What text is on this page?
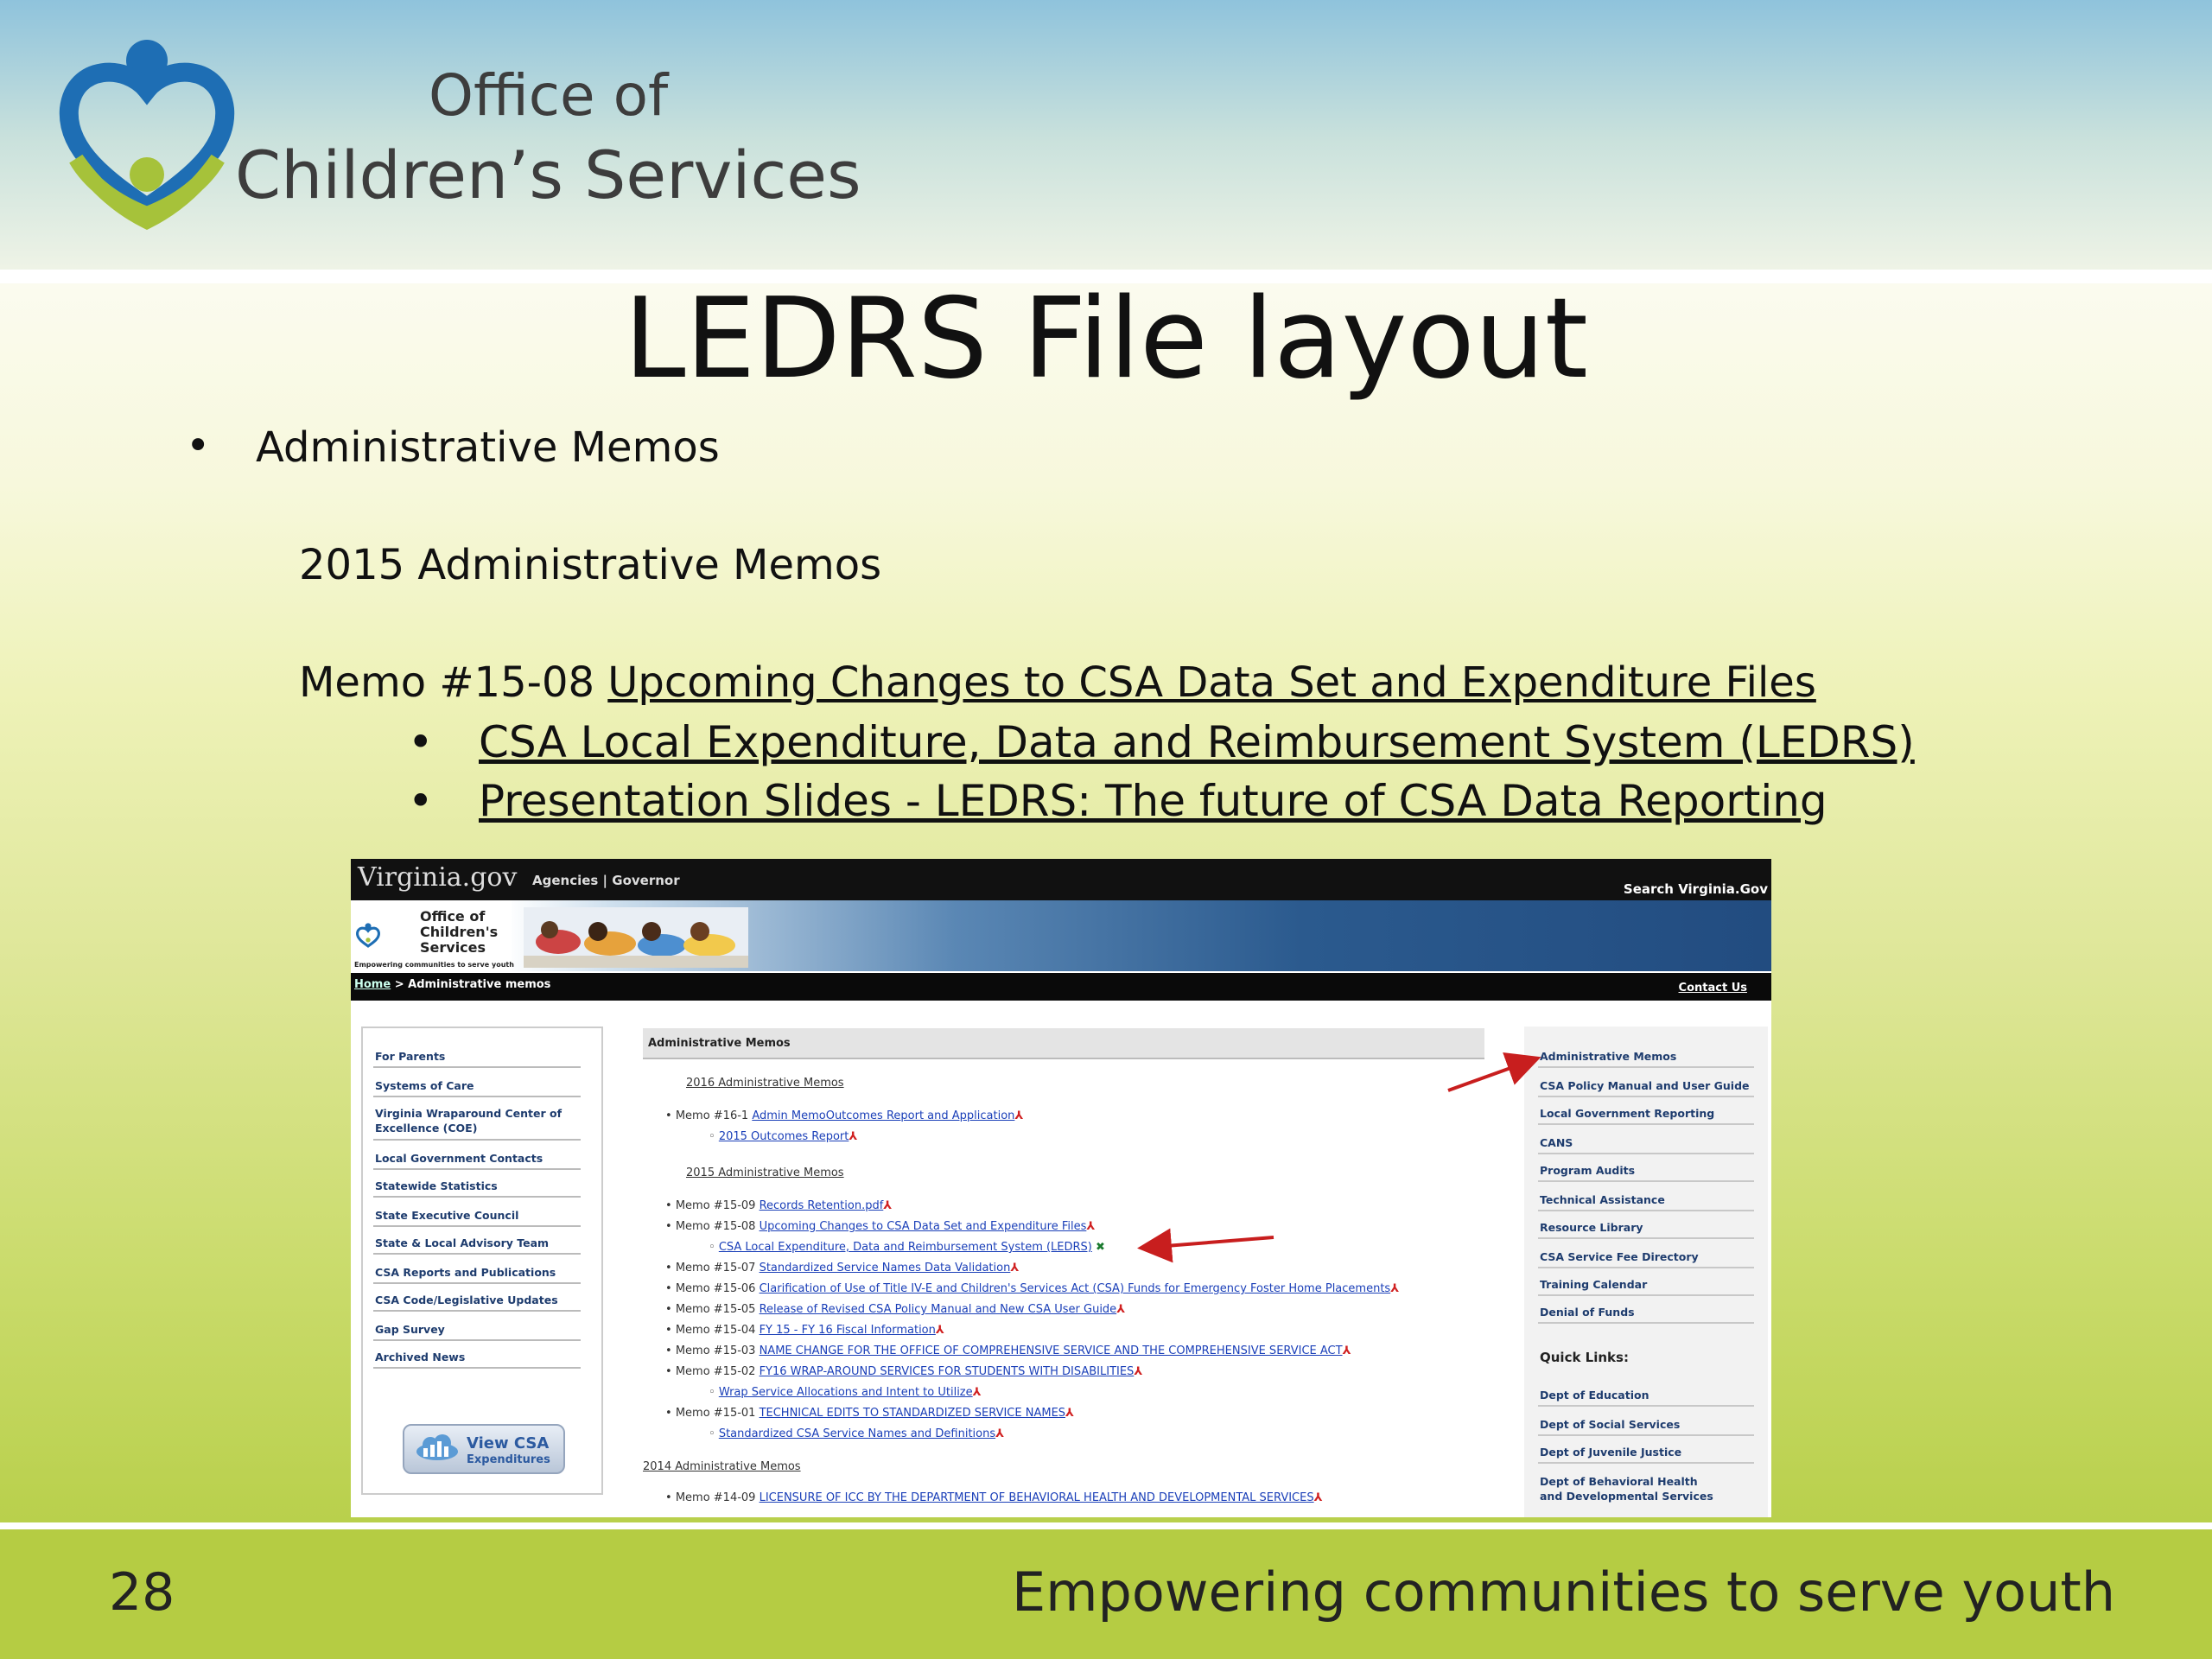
Office of
Children’s Services
LEDRS File layout
• Administrative Memos
2015 Administrative Memos
Memo #15-08 Upcoming Changes to CSA Data Set and Expenditure Files
• CSA Local Expenditure, Data and Reimbursement System (LEDRS)
• Presentation Slides - LEDRS: The future of CSA Data Reporting
Virginia.gov Agencies | Governor
Search Virginia.Gov
Office of
Children's
Services
Empowering communities to serve youth
Home > Administrative memos	Contact Us
For Parents
Systems of Care
Virginia Wraparound Center of Excellence (COE)
Local Government Contacts
Statewide Statistics
State Executive Council
State & Local Advisory Team
CSA Reports and Publications
CSA Code/Legislative Updates
Gap Survey
Archived News
View CSA
Expenditures
Administrative Memos
2016 Administrative Memos
• Memo #16-1 Admin MemoOutcomes Report and Application⅄
◦ 2015 Outcomes Report⅄
2015 Administrative Memos
• Memo #15-09 Records Retention.pdf⅄
• Memo #15-08 Upcoming Changes to CSA Data Set and Expenditure Files⅄
◦ CSA Local Expenditure, Data and Reimbursement System (LEDRS) ✖
• Memo #15-07 Standardized Service Names Data Validation⅄
• Memo #15-06 Clarification of Use of Title IV-E and Children's Services Act (CSA) Funds for Emergency Foster Home Placements⅄
• Memo #15-05 Release of Revised CSA Policy Manual and New CSA User Guide⅄
• Memo #15-04 FY 15 - FY 16 Fiscal Information⅄
• Memo #15-03 NAME CHANGE FOR THE OFFICE OF COMPREHENSIVE SERVICE AND THE COMPREHENSIVE SERVICE ACT⅄
• Memo #15-02 FY16 WRAP-AROUND SERVICES FOR STUDENTS WITH DISABILITIES⅄
◦ Wrap Service Allocations and Intent to Utilize⅄
• Memo #15-01 TECHNICAL EDITS TO STANDARDIZED SERVICE NAMES⅄
◦ Standardized CSA Service Names and Definitions⅄
2014 Administrative Memos
• Memo #14-09 LICENSURE OF ICC BY THE DEPARTMENT OF BEHAVIORAL HEALTH AND DEVELOPMENTAL SERVICES⅄
Administrative Memos
CSA Policy Manual and User Guide
Local Government Reporting
CANS
Program Audits
Technical Assistance
Resource Library
CSA Service Fee Directory
Training Calendar
Denial of Funds
Quick Links:
Dept of Education
Dept of Social Services
Dept of Juvenile Justice
Dept of Behavioral Health and Developmental Services
28	Empowering communities to serve youth
